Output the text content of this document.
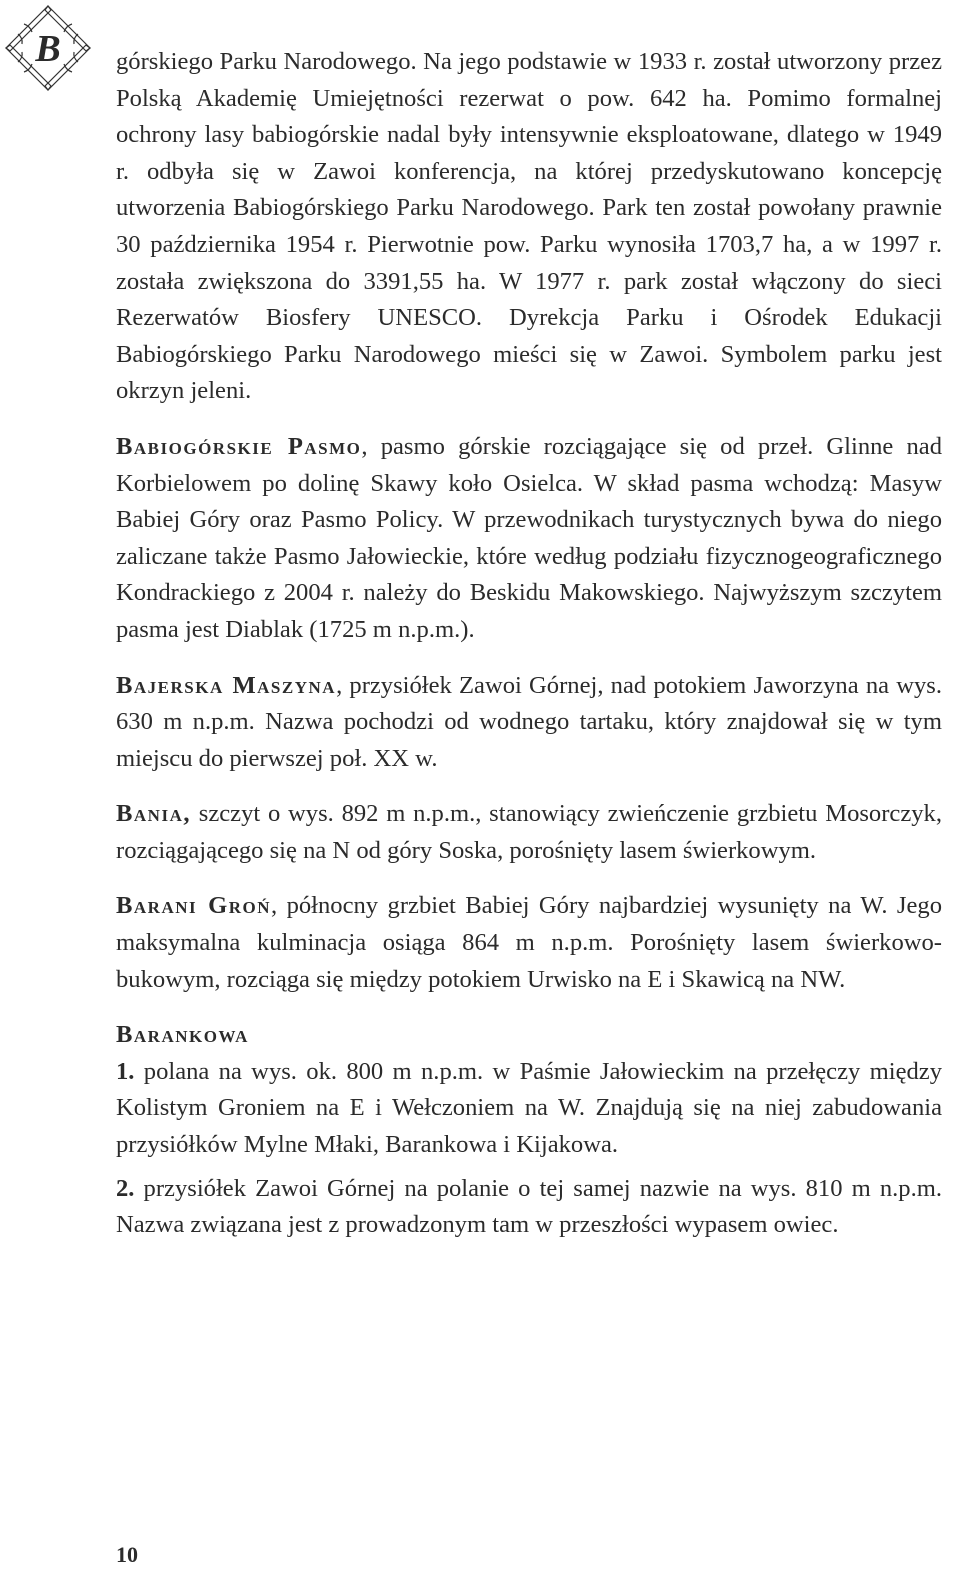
B górskiego Parku Narodowego. Na jego podstawie w 1933 r. został utworzony przez Polską Akademię Umiejętności rezerwat o pow. 642 ha. Pomimo formalnej ochrony lasy babiogórskie nadal były intensywnie eksploatowane, dlatego w 1949 r. odbyła się w Zawoi konferencja, na której przedyskutowano koncepcję utworzenia Babiogórskiego Parku Narodowego. Park ten został powołany prawnie 30 października 1954 r. Pierwotnie pow. Parku wynosiła 1703,7 ha, a w 1997 r. została zwiększona do 3391,55 ha. W 1977 r. park został włączony do sieci Rezerwatów Biosfery UNESCO. Dyrekcja Parku i Ośrodek Edukacji Babiogórskiego Parku Narodowego mieści się w Zawoi. Symbolem parku jest okrzyn jeleni.

Babiogórskie Pasmo, pasmo górskie rozciągające się od przeł. Glinne nad Korbielowem po dolinę Skawy koło Osielca. W skład pasma wchodzą: Masyw Babiej Góry oraz Pasmo Policy. W przewodnikach turystycznych bywa do niego zaliczane także Pasmo Jałowieckie, które według podziału fizycznogeograficznego Kondrackiego z 2004 r. należy do Beskidu Makowskiego. Najwyższym szczytem pasma jest Diablak (1725 m n.p.m.).

Bajerska Maszyna, przysiółek Zawoi Górnej, nad potokiem Jaworzyna na wys. 630 m n.p.m. Nazwa pochodzi od wodnego tartaku, który znajdował się w tym miejscu do pierwszej poł. XX w.

Bania, szczyt o wys. 892 m n.p.m., stanowiący zwieńczenie grzbietu Mosorczyk, rozciągającego się na N od góry Soska, porośnięty lasem świerkowym.

Barani Groń, północny grzbiet Babiej Góry najbardziej wysunięty na W. Jego maksymalna kulminacja osiąga 864 m n.p.m. Porośnięty lasem świerkowo-bukowym, rozciąga się między potokiem Urwisko na E i Skawicą na NW.

Barankowa

1. polana na wys. ok. 800 m n.p.m. w Paśmie Jałowieckim na przełęczy między Kolistym Groniem na E i Wełczoniem na W. Znajdują się na niej zabudowania przysiółków Mylne Młaki, Barankowa i Kijakowa.

2. przysiółek Zawoi Górnej na polanie o tej samej nazwie na wys. 810 m n.p.m. Nazwa związana jest z prowadzonym tam w przeszłości wypasem owiec.

10
